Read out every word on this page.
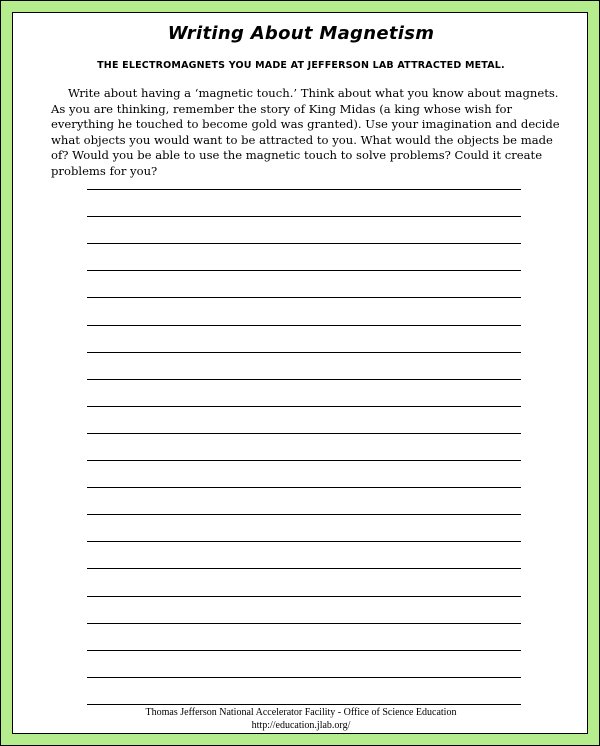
Writing About Magnetism
THE ELECTROMAGNETS YOU MADE AT JEFFERSON LAB ATTRACTED METAL.

Write about having a ‘magnetic touch.’ Think about what you know about magnets. As you are thinking, remember the story of King Midas (a king whose wish for everything he touched to become gold was granted). Use your imagination and decide what objects you would want to be attracted to you. What would the objects be made of? Would you be able to use the magnetic touch to solve problems? Could it create problems for you?

Thomas Jefferson National Accelerator Facility - Office of Science Education
http://education.jlab.org/
